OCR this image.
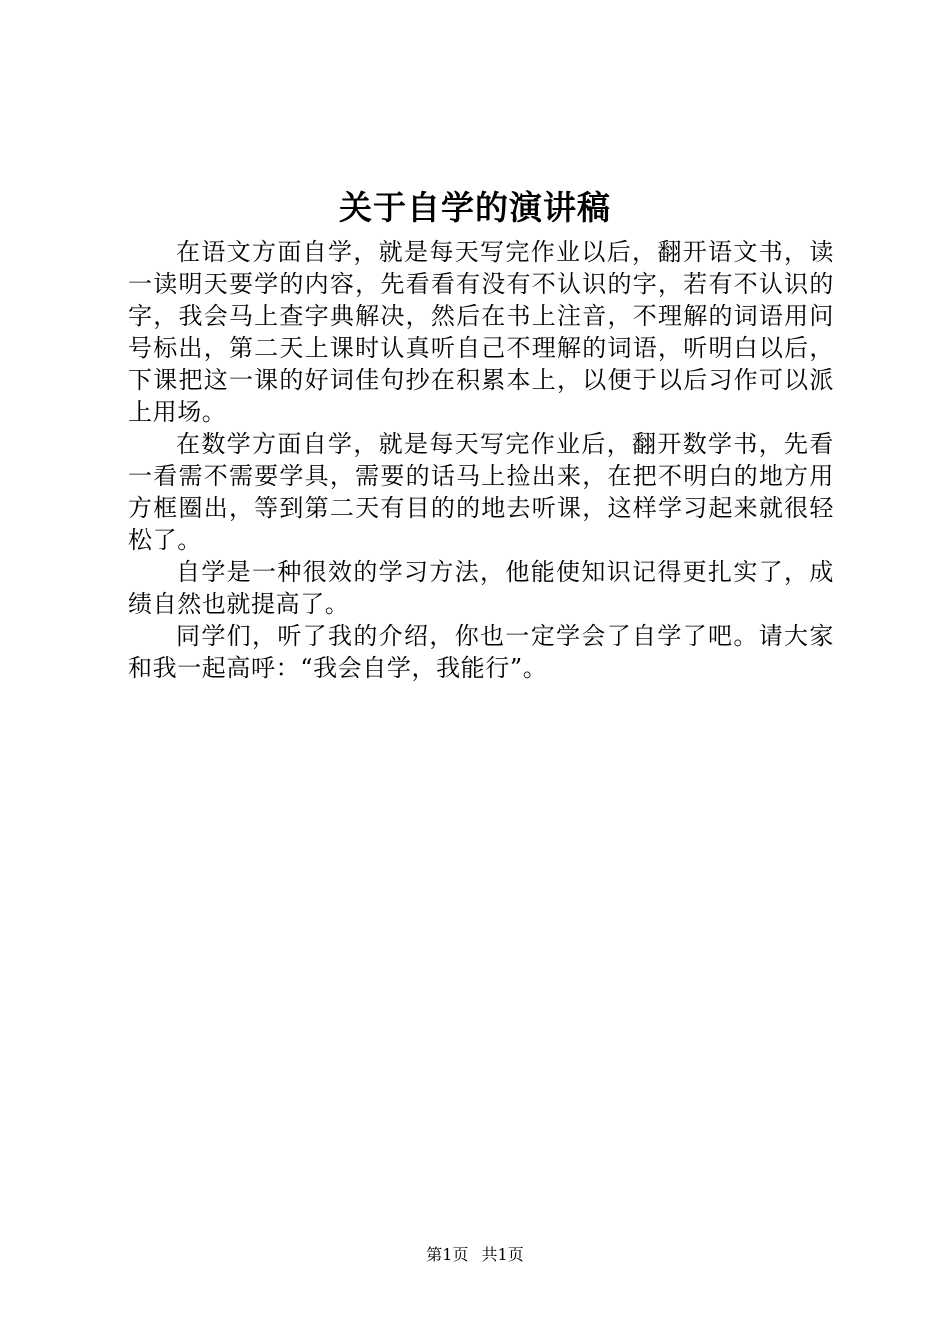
关于自学的演讲稿

在语文方面自学，就是每天写完作业以后，翻开语文书，读一读明天要学的内容，先看看有没有不认识的字，若有不认识的字，我会马上查字典解决，然后在书上注音，不理解的词语用问号标出，第二天上课时认真听自己不理解的词语，听明白以后，下课把这一课的好词佳句抄在积累本上，以便于以后习作可以派上用场。

在数学方面自学，就是每天写完作业后，翻开数学书，先看一看需不需要学具，需要的话马上捡出来，在把不明白的地方用方框圈出，等到第二天有目的的地去听课，这样学习起来就很轻松了。

自学是一种很效的学习方法，他能使知识记得更扎实了，成绩自然也就提高了。

同学们，听了我的介绍，你也一定学会了自学了吧。请大家和我一起高呼：“我会自学，我能行”。

第1页 共1页
